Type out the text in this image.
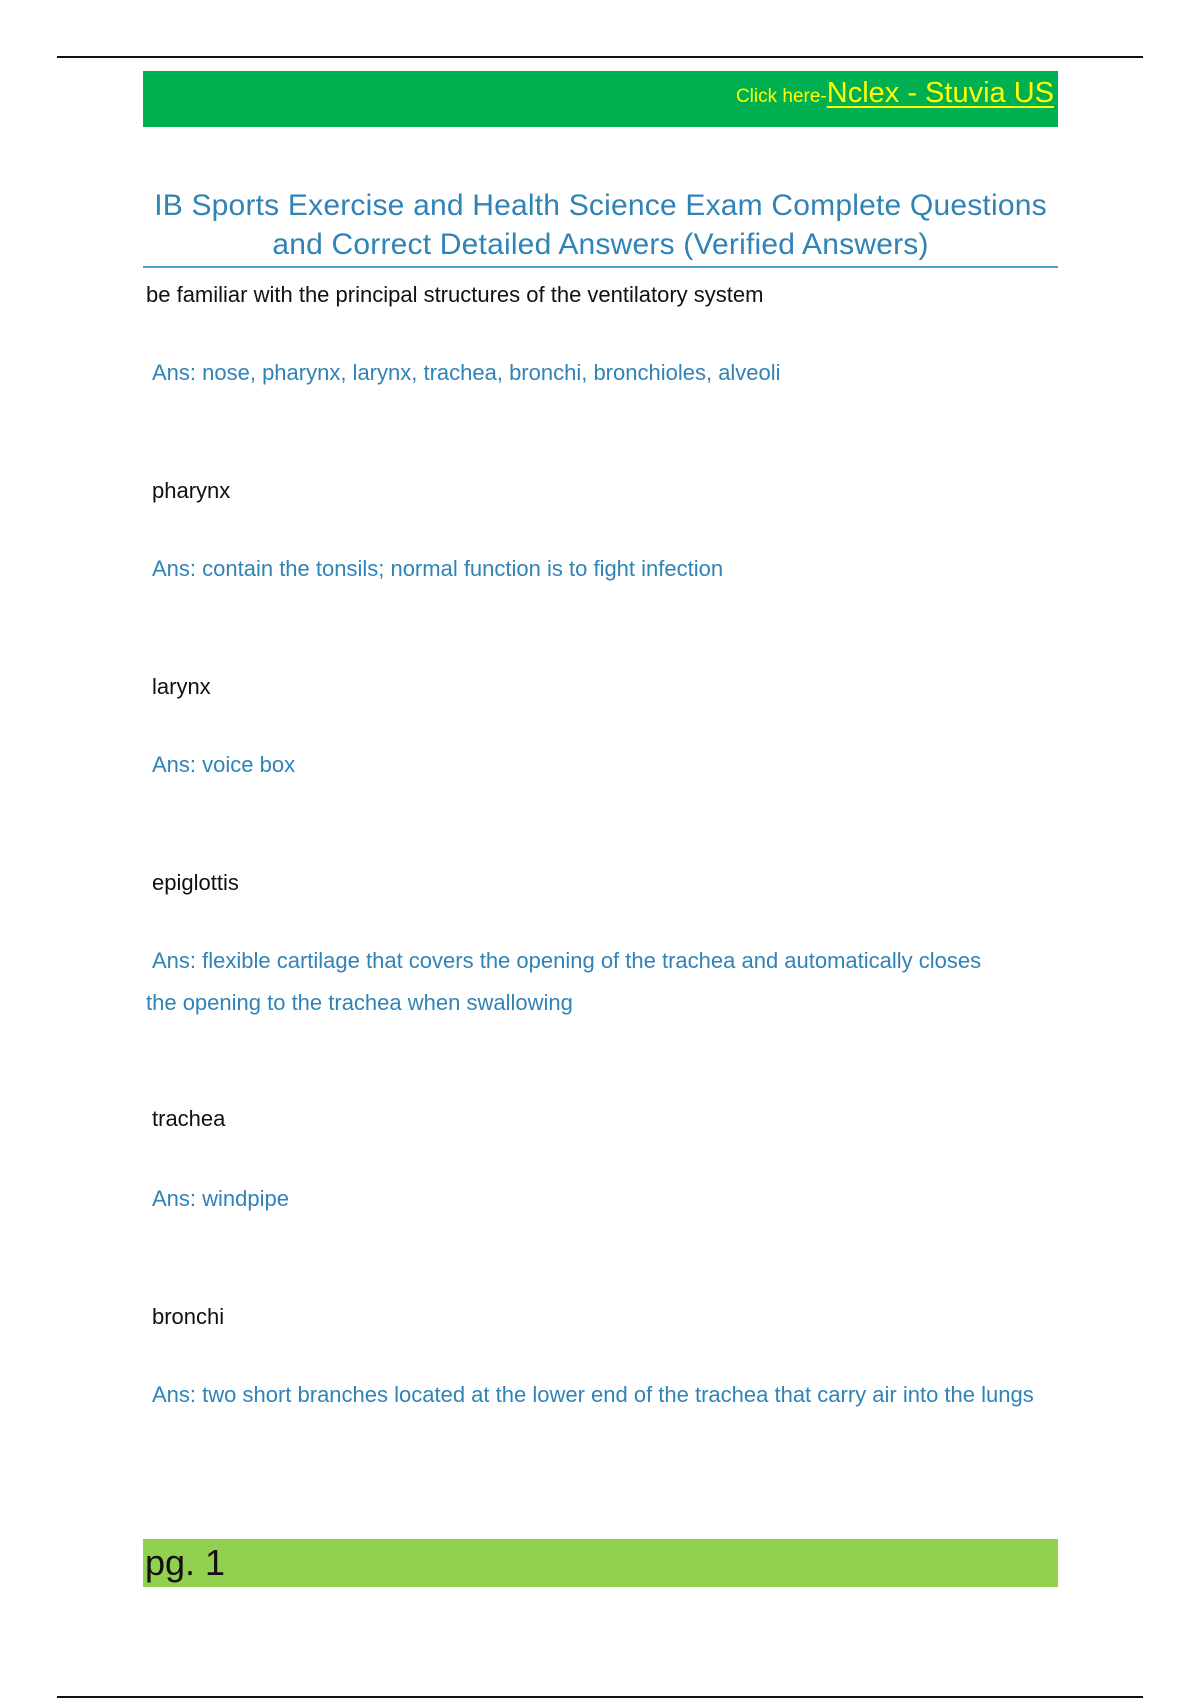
Click here-Nclex - Stuvia US
IB Sports Exercise and Health Science Exam Complete Questions and Correct Detailed Answers (Verified Answers)

be familiar with the principal structures of the ventilatory system

Ans: nose, pharynx, larynx, trachea, bronchi, bronchioles, alveoli

pharynx

Ans: contain the tonsils; normal function is to fight infection

larynx

Ans: voice box

epiglottis

Ans: flexible cartilage that covers the opening of the trachea and automatically closes the opening to the trachea when swallowing

trachea

Ans: windpipe

bronchi

Ans: two short branches located at the lower end of the trachea that carry air into the lungs

pg. 1
